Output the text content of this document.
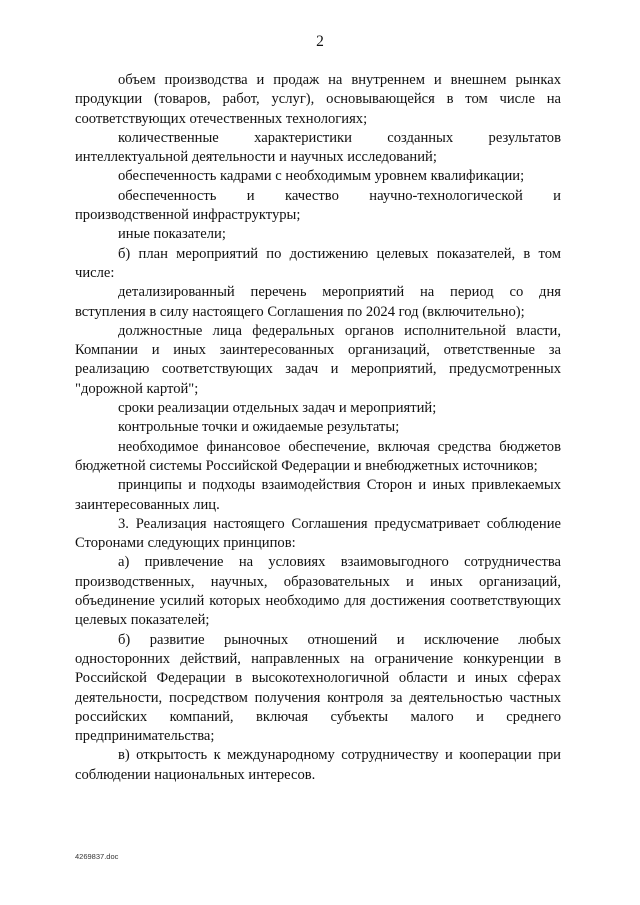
2

объем производства и продаж на внутреннем и внешнем рынках продукции (товаров, работ, услуг), основывающейся в том числе на соответствующих отечественных технологиях;

количественные характеристики созданных результатов интеллектуальной деятельности и научных исследований;

обеспеченность кадрами с необходимым уровнем квалификации;

обеспеченность и качество научно-технологической и производственной инфраструктуры;

иные показатели;

б) план мероприятий по достижению целевых показателей, в том числе:

детализированный перечень мероприятий на период со дня вступления в силу настоящего Соглашения по 2024 год (включительно);

должностные лица федеральных органов исполнительной власти, Компании и иных заинтересованных организаций, ответственные за реализацию соответствующих задач и мероприятий, предусмотренных "дорожной картой";

сроки реализации отдельных задач и мероприятий;

контрольные точки и ожидаемые результаты;

необходимое финансовое обеспечение, включая средства бюджетов бюджетной системы Российской Федерации и внебюджетных источников;

принципы и подходы взаимодействия Сторон и иных привлекаемых заинтересованных лиц.

3. Реализация настоящего Соглашения предусматривает соблюдение Сторонами следующих принципов:

а) привлечение на условиях взаимовыгодного сотрудничества производственных, научных, образовательных и иных организаций, объединение усилий которых необходимо для достижения соответствующих целевых показателей;

б) развитие рыночных отношений и исключение любых односторонних действий, направленных на ограничение конкуренции в Российской Федерации в высокотехнологичной области и иных сферах деятельности, посредством получения контроля за деятельностью частных российских компаний, включая субъекты малого и среднего предпринимательства;

в) открытость к международному сотрудничеству и кооперации при соблюдении национальных интересов.

4269837.doc
